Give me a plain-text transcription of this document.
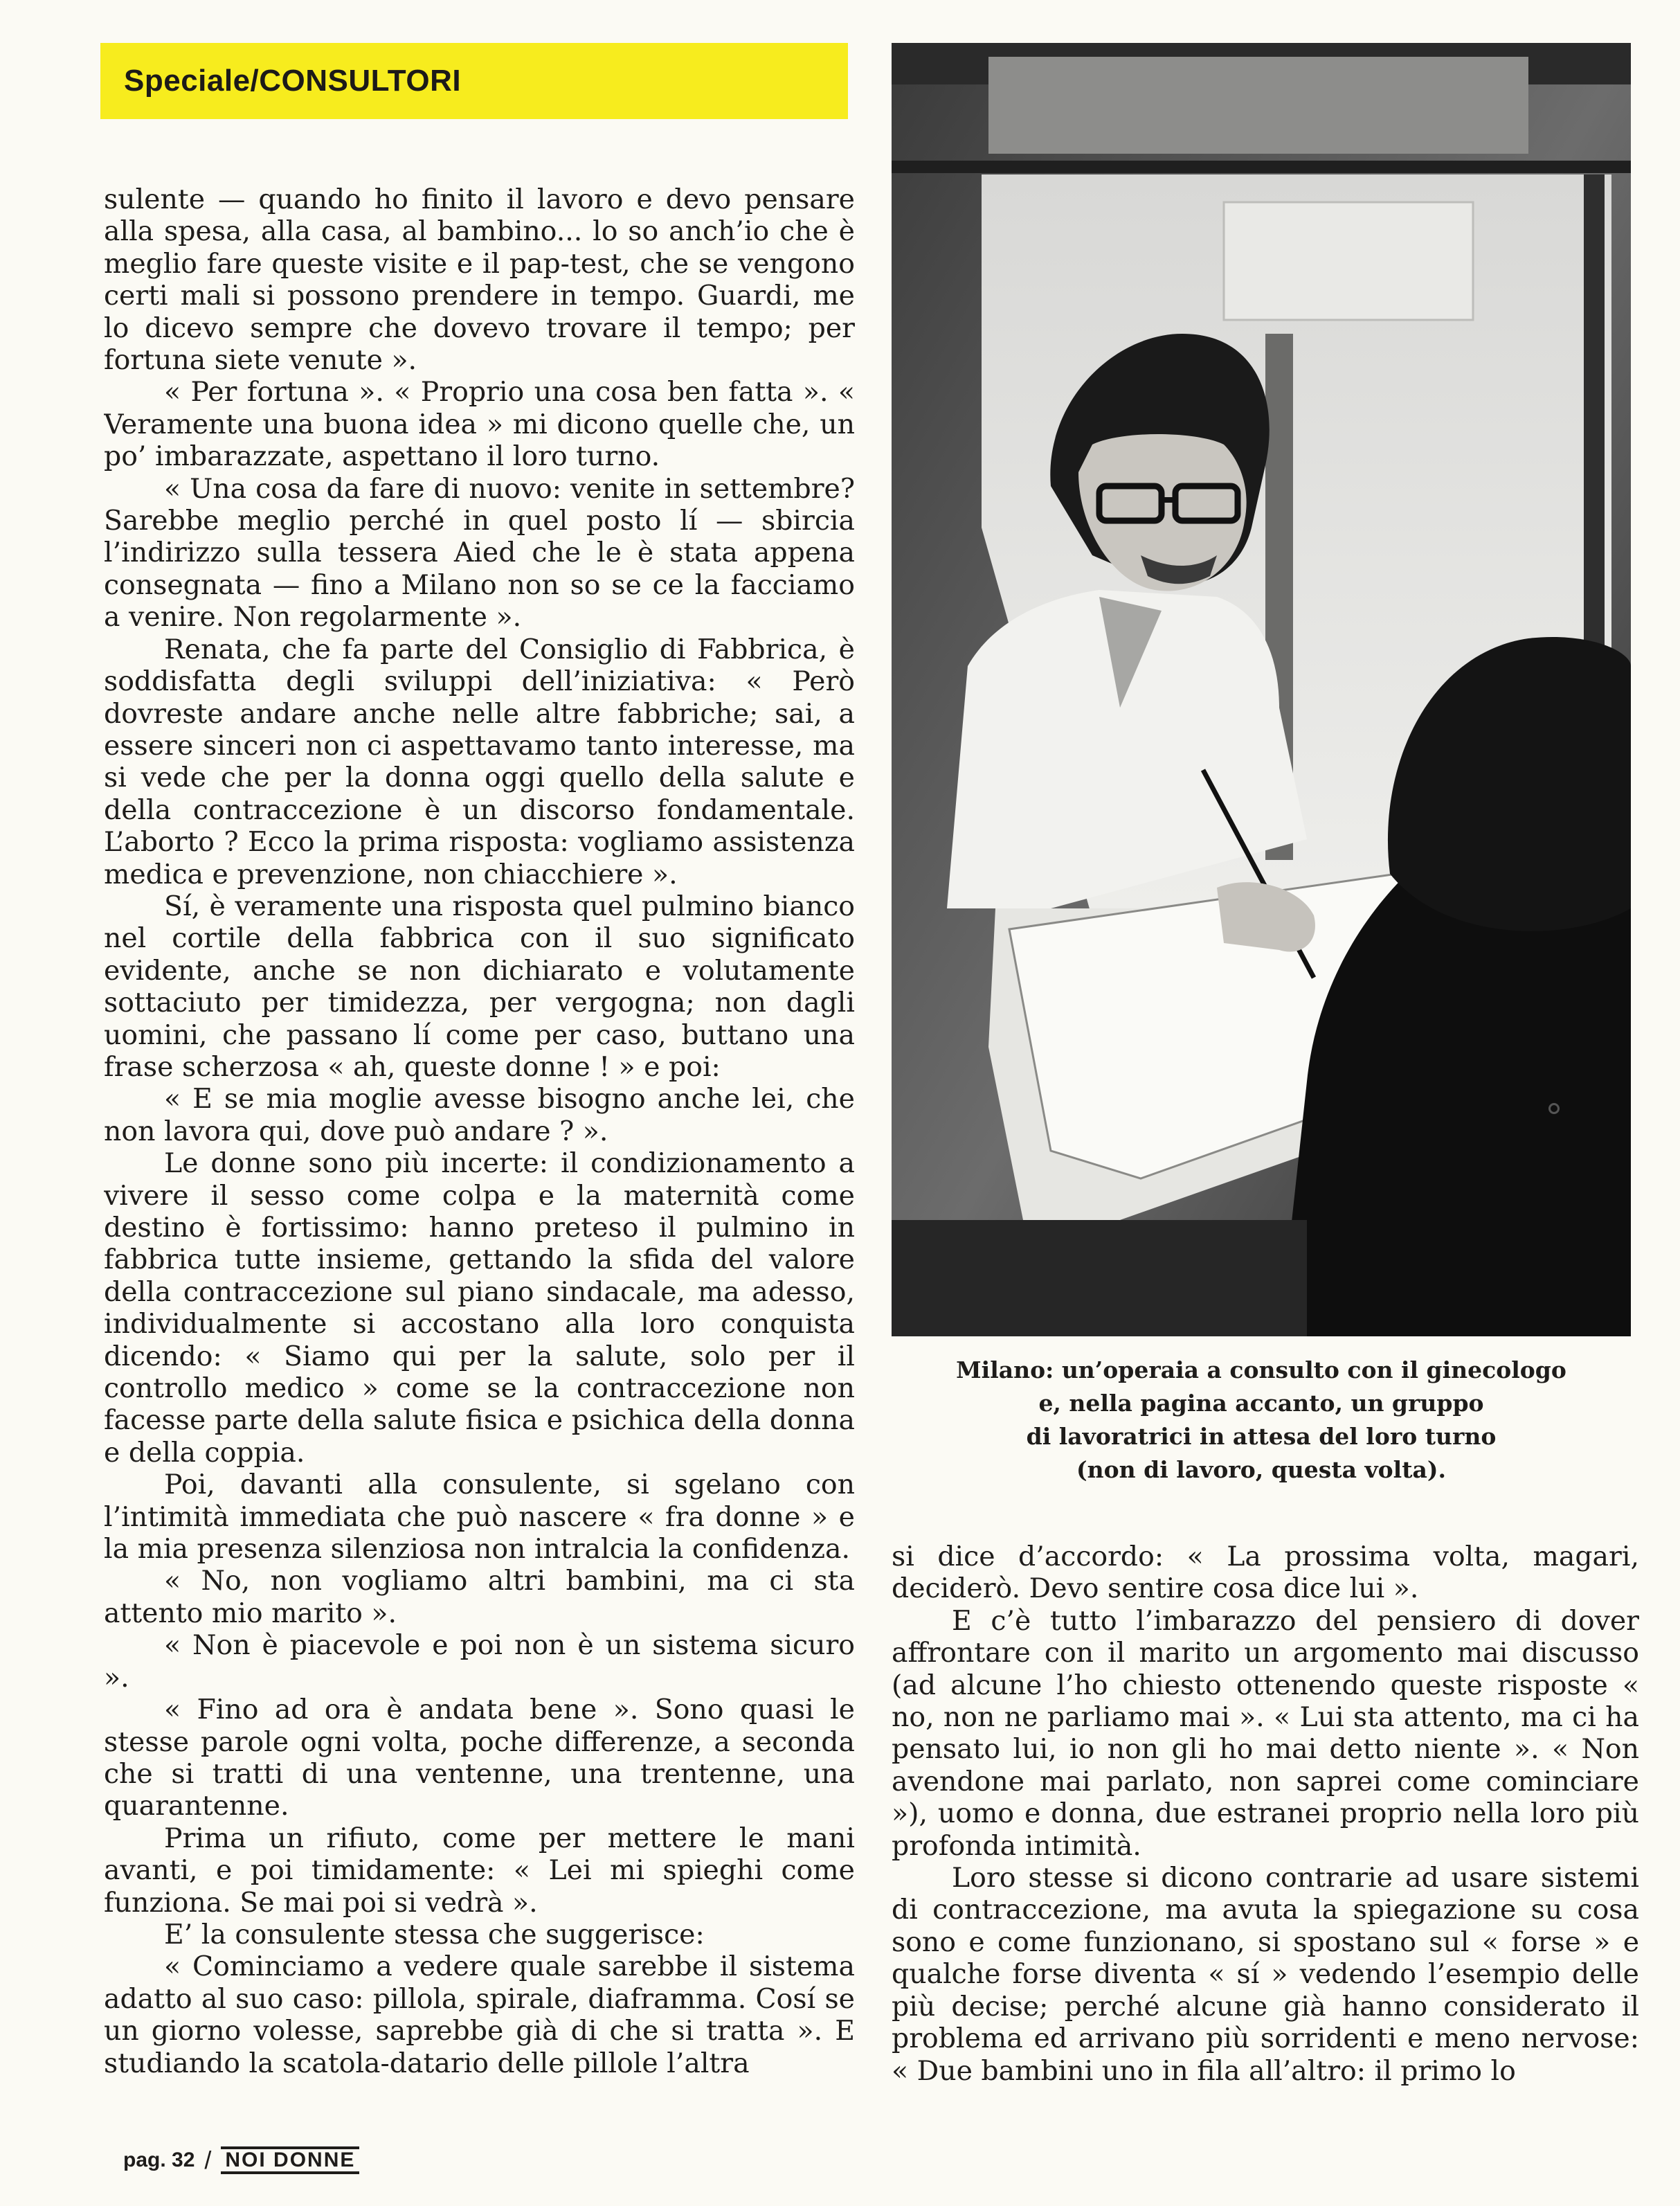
Speciale/CONSULTORI

sulente — quando ho finito il lavoro e devo pensare alla spesa, alla casa, al bambino... lo so anch’io che è meglio fare queste visite e il pap-test, che se vengono certi mali si possono prendere in tempo. Guardi, me lo dicevo sempre che dovevo trovare il tempo; per fortuna siete venute ».

« Per fortuna ». « Proprio una cosa ben fatta ». « Veramente una buona idea » mi dicono quelle che, un po’ imbarazzate, aspettano il loro turno.

« Una cosa da fare di nuovo: venite in settembre? Sarebbe meglio perché in quel posto lí — sbircia l’indirizzo sulla tessera Aied che le è stata appena consegnata — fino a Milano non so se ce la facciamo a venire. Non regolarmente ».

Renata, che fa parte del Consiglio di Fabbrica, è soddisfatta degli sviluppi dell’iniziativa: « Però dovreste andare anche nelle altre fabbriche; sai, a essere sinceri non ci aspettavamo tanto interesse, ma si vede che per la donna oggi quello della salute e della contraccezione è un discorso fondamentale. L’aborto ? Ecco la prima risposta: vogliamo assistenza medica e prevenzione, non chiacchiere ».

Sí, è veramente una risposta quel pulmino bianco nel cortile della fabbrica con il suo significato evidente, anche se non dichiarato e volutamente sottaciuto per timidezza, per vergogna; non dagli uomini, che passano lí come per caso, buttano una frase scherzosa « ah, queste donne ! » e poi:

« E se mia moglie avesse bisogno anche lei, che non lavora qui, dove può andare ? ».

Le donne sono più incerte: il condizionamento a vivere il sesso come colpa e la maternità come destino è fortissimo: hanno preteso il pulmino in fabbrica tutte insieme, gettando la sfida del valore della contraccezione sul piano sindacale, ma adesso, individualmente si accostano alla loro conquista dicendo: « Siamo qui per la salute, solo per il controllo medico » come se la contraccezione non facesse parte della salute fisica e psichica della donna e della coppia.

Poi, davanti alla consulente, si sgelano con l’intimità immediata che può nascere « fra donne » e la mia presenza silenziosa non intralcia la confidenza.

« No, non vogliamo altri bambini, ma ci sta attento mio marito ».

« Non è piacevole e poi non è un sistema sicuro ».

« Fino ad ora è andata bene ». Sono quasi le stesse parole ogni volta, poche differenze, a seconda che si tratti di una ventenne, una trentenne, una quarantenne.

Prima un rifiuto, come per mettere le mani avanti, e poi timidamente: « Lei mi spieghi come funziona. Se mai poi si vedrà ».

E’ la consulente stessa che suggerisce:

« Cominciamo a vedere quale sarebbe il sistema adatto al suo caso: pillola, spirale, diaframma. Cosí se un giorno volesse, saprebbe già di che si tratta ». E studiando la scatola-datario delle pillole l’altra

Milano: un’operaia a consulto con il ginecologo
e, nella pagina accanto, un gruppo
di lavoratrici in attesa del loro turno
(non di lavoro, questa volta).

si dice d’accordo: « La prossima volta, magari, deciderò. Devo sentire cosa dice lui ».

E c’è tutto l’imbarazzo del pensiero di dover affrontare con il marito un argomento mai discusso (ad alcune l’ho chiesto ottenendo queste risposte « no, non ne parliamo mai ». « Lui sta attento, ma ci ha pensato lui, io non gli ho mai detto niente ». « Non avendone mai parlato, non saprei come cominciare »), uomo e donna, due estranei proprio nella loro più profonda intimità.

Loro stesse si dicono contrarie ad usare sistemi di contraccezione, ma avuta la spiegazione su cosa sono e come funzionano, si spostano sul « forse » e qualche forse diventa « sí » vedendo l’esempio delle più decise; perché alcune già hanno considerato il problema ed arrivano più sorridenti e meno nervose: « Due bambini uno in fila all’altro: il primo lo

pag. 32 / NOI DONNE
